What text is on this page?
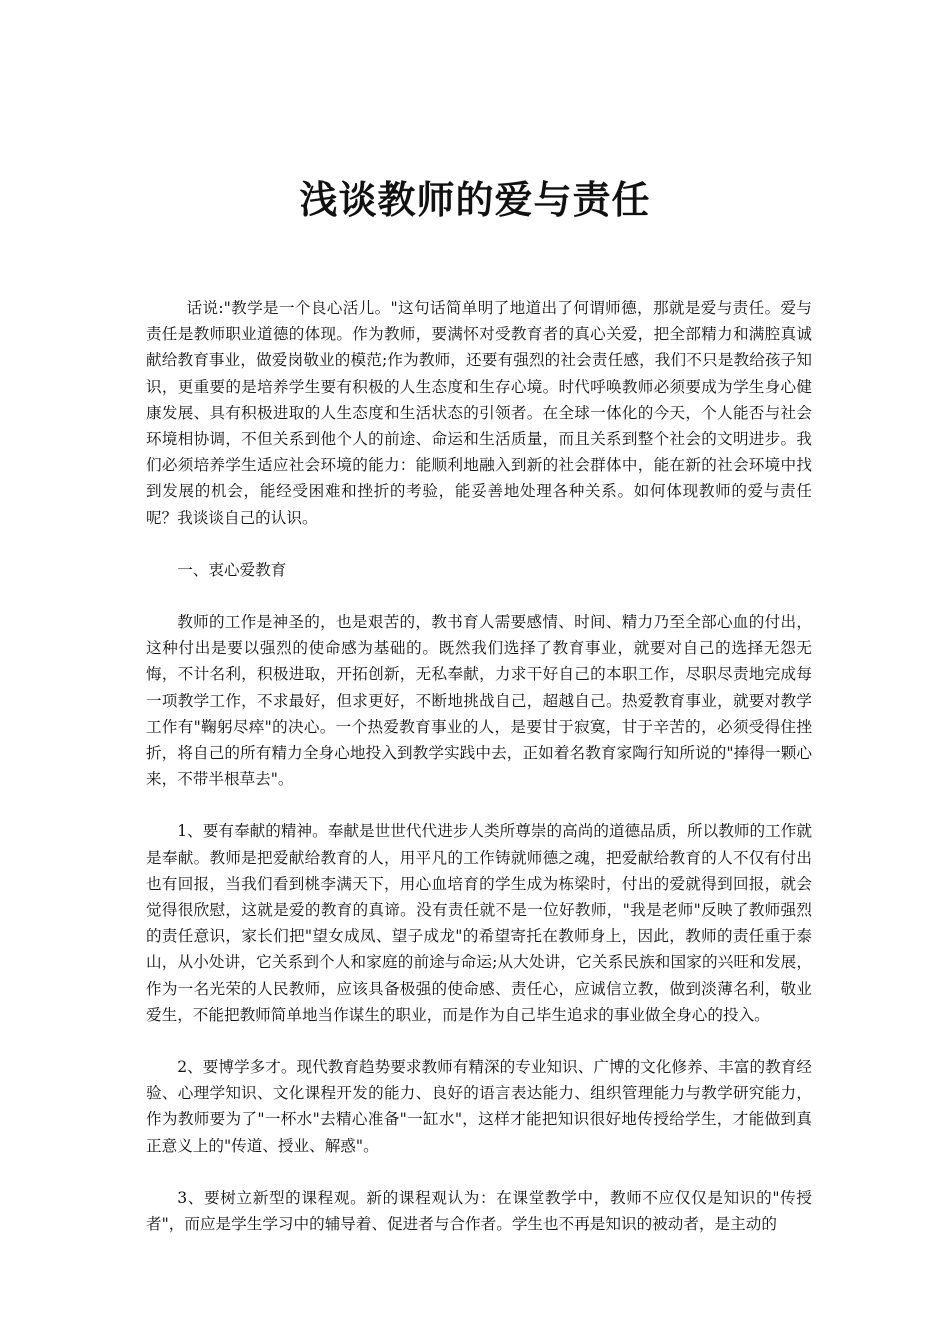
浅谈教师的爱与责任

话说:"教学是一个良心活儿。"这句话简单明了地道出了何谓师德，那就是爱与责任。爱与责任是教师职业道德的体现。作为教师，要满怀对受教育者的真心关爱，把全部精力和满腔真诚献给教育事业，做爱岗敬业的模范;作为教师，还要有强烈的社会责任感，我们不只是教给孩子知识，更重要的是培养学生要有积极的人生态度和生存心境。时代呼唤教师必须要成为学生身心健康发展、具有积极进取的人生态度和生活状态的引领者。在全球一体化的今天，个人能否与社会环境相协调，不但关系到他个人的前途、命运和生活质量，而且关系到整个社会的文明进步。我们必须培养学生适应社会环境的能力：能顺利地融入到新的社会群体中，能在新的社会环境中找到发展的机会，能经受困难和挫折的考验，能妥善地处理各种关系。如何体现教师的爱与责任呢？我谈谈自己的认识。

一、衷心爱教育

教师的工作是神圣的，也是艰苦的，教书育人需要感情、时间、精力乃至全部心血的付出，这种付出是要以强烈的使命感为基础的。既然我们选择了教育事业，就要对自己的选择无怨无悔，不计名利，积极进取，开拓创新，无私奉献，力求干好自己的本职工作，尽职尽责地完成每一项教学工作，不求最好，但求更好，不断地挑战自己，超越自己。热爱教育事业，就要对教学工作有"鞠躬尽瘁"的决心。一个热爱教育事业的人，是要甘于寂寞，甘于辛苦的，必须受得住挫折，将自己的所有精力全身心地投入到教学实践中去，正如着名教育家陶行知所说的"捧得一颗心来，不带半根草去"。

1、要有奉献的精神。奉献是世世代代进步人类所尊崇的高尚的道德品质，所以教师的工作就是奉献。教师是把爱献给教育的人，用平凡的工作铸就师德之魂，把爱献给教育的人不仅有付出也有回报，当我们看到桃李满天下，用心血培育的学生成为栋梁时，付出的爱就得到回报，就会觉得很欣慰，这就是爱的教育的真谛。没有责任就不是一位好教师，"我是老师"反映了教师强烈的责任意识，家长们把"望女成凤、望子成龙"的希望寄托在教师身上，因此，教师的责任重于泰山，从小处讲，它关系到个人和家庭的前途与命运;从大处讲，它关系民族和国家的兴旺和发展，作为一名光荣的人民教师，应该具备极强的使命感、责任心，应诚信立教，做到淡薄名利，敬业爱生，不能把教师简单地当作谋生的职业，而是作为自己毕生追求的事业做全身心的投入。

2、要博学多才。现代教育趋势要求教师有精深的专业知识、广博的文化修养、丰富的教育经验、心理学知识、文化课程开发的能力、良好的语言表达能力、组织管理能力与教学研究能力，作为教师要为了"一杯水"去精心准备"一缸水"，这样才能把知识很好地传授给学生，才能做到真正意义上的"传道、授业、解惑"。

3、要树立新型的课程观。新的课程观认为：在课堂教学中，教师不应仅仅是知识的"传授者"，而应是学生学习中的辅导着、促进者与合作者。学生也不再是知识的被动者，是主动的
